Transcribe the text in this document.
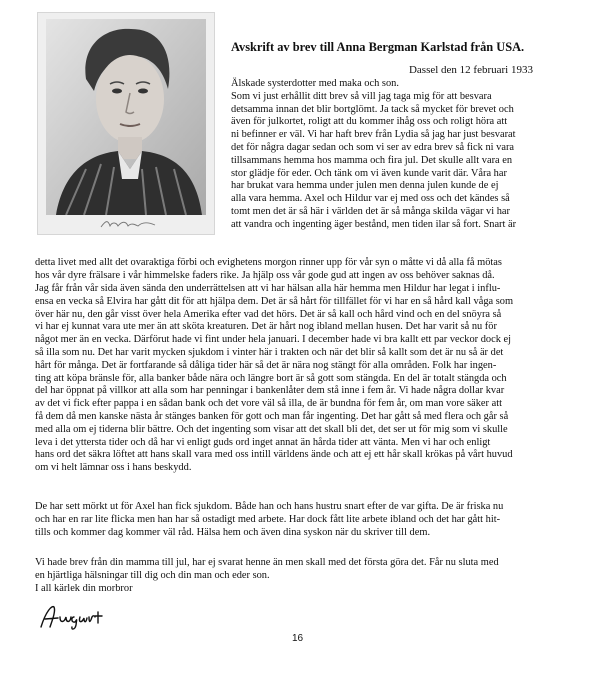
Avskrift av brev till Anna Bergman Karlstad från USA.
Dassel den 12 februari 1933
Älskade systerdotter med maka och son.
Som vi just erhållit ditt brev så vill jag taga mig för att besvara
detsamma innan det blir bortglömt. Ja tack så mycket för brevet och
även för julkortet, roligt att du kommer ihåg oss och roligt höra att
ni befinner er väl. Vi har haft brev från Lydia så jag har just besvarat
det för några dagar sedan och som vi ser av edra brev så fick ni vara
tillsammans hemma hos mamma och fira jul. Det skulle allt vara en
stor glädje för eder. Och tänk om vi även kunde varit där. Våra har
har brukat vara hemma under julen men denna julen kunde de ej
alla vara hemma. Axel och Hildur var ej med oss och det kändes så
tomt men det är så här i världen det är så många skilda vägar vi har
att vandra och ingenting äger bestånd, men tiden ilar så fort. Snart är
detta livet med allt det ovaraktiga förbi och evighetens morgon rinner upp för vår syn o måtte vi då alla få mötas
hos vår dyre frälsare i vår himmelske faders rike. Ja hjälp oss vår gode gud att ingen av oss behöver saknas då.
Jag får från vår sida även sända den underrättelsen att vi har hälsan alla här hemma men Hildur har legat i influ-
ensa en vecka så Elvira har gått dit för att hjälpa dem. Det är så hårt för tillfället för vi har en så hård kall våga som
över här nu, den går visst över hela Amerika efter vad det hörs. Det är så kall och hård vind och en del snöyra så
vi har ej kunnat vara ute mer än att sköta kreaturen. Det är hårt nog ibland mellan husen. Det har varit så nu för
något mer än en vecka. Därförut hade vi fint under hela januari. I december hade vi bra kallt ett par veckor dock ej
så illa som nu. Det har varit mycken sjukdom i vinter här i trakten och när det blir så kallt som det är nu så är det
hårt för många. Det är fortfarande så dåliga tider här så det är nära nog stängt för alla områden. Folk har ingen-
ting att köpa bränsle för, alla banker både nära och längre bort är så gott som stängda. En del är totalt stängda och
del har öppnat på villkor att alla som har penningar i bankenlåter dem stå inne i fem år. Vi hade några dollar kvar
av det vi fick efter pappa i en sådan bank och det vore väl så illa, de är bundna för fem år, om man vore säker att
få dem då men kanske nästa år stänges banken för gott och man får ingenting. Det har gått så med flera och går så
med alla om ej tiderna blir bättre. Och det ingenting som visar att det skall bli det, det ser ut för mig som vi skulle
leva i det yttersta tider och då har vi enligt guds ord inget annat än hårda tider att vänta. Men vi har och enligt
hans ord det säkra löftet att hans skall vara med oss intill världens ände och att ej ett hår skall krökas på vårt huvud
om vi helt lämnar oss i hans beskydd.
De har sett mörkt ut för Axel han fick sjukdom. Både han och hans hustru snart efter de var gifta. De är friska nu
och har en rar lite flicka men han har så ostadigt med arbete. Har dock fått lite arbete ibland och det har gått hit-
tills och kommer dag kommer väl råd. Hälsa hem och även dina syskon när du skriver till dem.
Vi hade brev från din mamma till jul, har ej svarat henne än men skall med det första göra det. Får nu sluta med
en hjärtliga hälsningar till dig och din man och eder son.
I all kärlek din morbror
16
